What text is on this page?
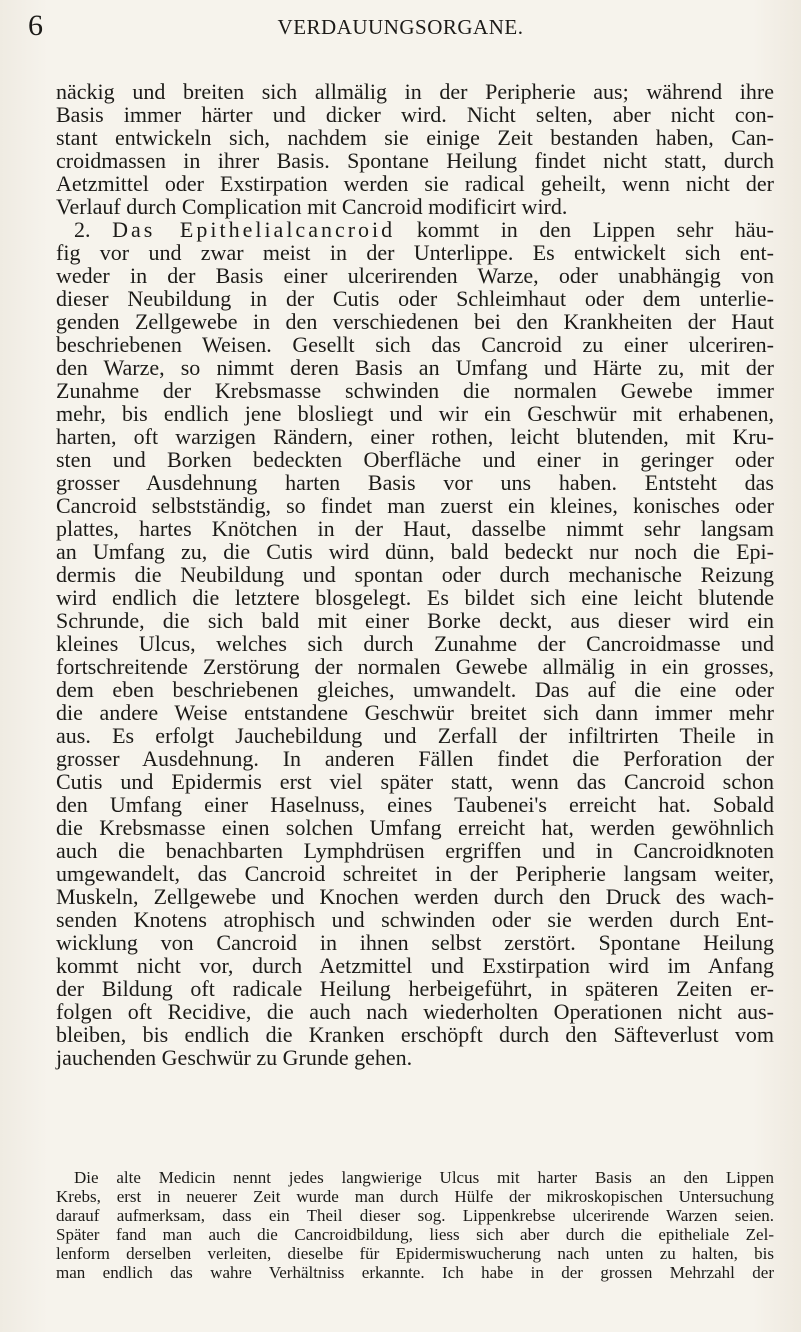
6	VERDAUUNGSORGANE.
näckig und breiten sich allmälig in der Peripherie aus; während ihre
Basis immer härter und dicker wird. Nicht selten, aber nicht con-
stant entwickeln sich, nachdem sie einige Zeit bestanden haben, Can-
croidmassen in ihrer Basis. Spontane Heilung findet nicht statt, durch
Aetzmittel oder Exstirpation werden sie radical geheilt, wenn nicht der
Verlauf durch Complication mit Cancroid modificirt wird.
2. Das Epithelialcancroid kommt in den Lippen sehr häu-
fig vor und zwar meist in der Unterlippe. Es entwickelt sich ent-
weder in der Basis einer ulcerirenden Warze, oder unabhängig von
dieser Neubildung in der Cutis oder Schleimhaut oder dem unterlie-
genden Zellgewebe in den verschiedenen bei den Krankheiten der Haut
beschriebenen Weisen. Gesellt sich das Cancroid zu einer ulceriren-
den Warze, so nimmt deren Basis an Umfang und Härte zu, mit der
Zunahme der Krebsmasse schwinden die normalen Gewebe immer
mehr, bis endlich jene blosliegt und wir ein Geschwür mit erhabenen,
harten, oft warzigen Rändern, einer rothen, leicht blutenden, mit Kru-
sten und Borken bedeckten Oberfläche und einer in geringer oder
grosser Ausdehnung harten Basis vor uns haben. Entsteht das
Cancroid selbstständig, so findet man zuerst ein kleines, konisches oder
plattes, hartes Knötchen in der Haut, dasselbe nimmt sehr langsam
an Umfang zu, die Cutis wird dünn, bald bedeckt nur noch die Epi-
dermis die Neubildung und spontan oder durch mechanische Reizung
wird endlich die letztere blosgelegt. Es bildet sich eine leicht blutende
Schrunde, die sich bald mit einer Borke deckt, aus dieser wird ein
kleines Ulcus, welches sich durch Zunahme der Cancroidmasse und
fortschreitende Zerstörung der normalen Gewebe allmälig in ein grosses,
dem eben beschriebenen gleiches, umwandelt. Das auf die eine oder
die andere Weise entstandene Geschwür breitet sich dann immer mehr
aus. Es erfolgt Jauchebildung und Zerfall der infiltrirten Theile in
grosser Ausdehnung. In anderen Fällen findet die Perforation der
Cutis und Epidermis erst viel später statt, wenn das Cancroid schon
den Umfang einer Haselnuss, eines Taubenei's erreicht hat. Sobald
die Krebsmasse einen solchen Umfang erreicht hat, werden gewöhnlich
auch die benachbarten Lymphdrüsen ergriffen und in Cancroidknoten
umgewandelt, das Cancroid schreitet in der Peripherie langsam weiter,
Muskeln, Zellgewebe und Knochen werden durch den Druck des wach-
senden Knotens atrophisch und schwinden oder sie werden durch Ent-
wicklung von Cancroid in ihnen selbst zerstört. Spontane Heilung
kommt nicht vor, durch Aetzmittel und Exstirpation wird im Anfang
der Bildung oft radicale Heilung herbeigeführt, in späteren Zeiten er-
folgen oft Recidive, die auch nach wiederholten Operationen nicht aus-
bleiben, bis endlich die Kranken erschöpft durch den Säfteverlust vom
jauchenden Geschwür zu Grunde gehen.
Die alte Medicin nennt jedes langwierige Ulcus mit harter Basis an den Lippen
Krebs, erst in neuerer Zeit wurde man durch Hülfe der mikroskopischen Untersuchung
darauf aufmerksam, dass ein Theil dieser sog. Lippenkrebse ulcerirende Warzen seien.
Später fand man auch die Cancroidbildung, liess sich aber durch die epitheliale Zel-
lenform derselben verleiten, dieselbe für Epidermiswucherung nach unten zu halten, bis
man endlich das wahre Verhältniss erkannte. Ich habe in der grossen Mehrzahl der
